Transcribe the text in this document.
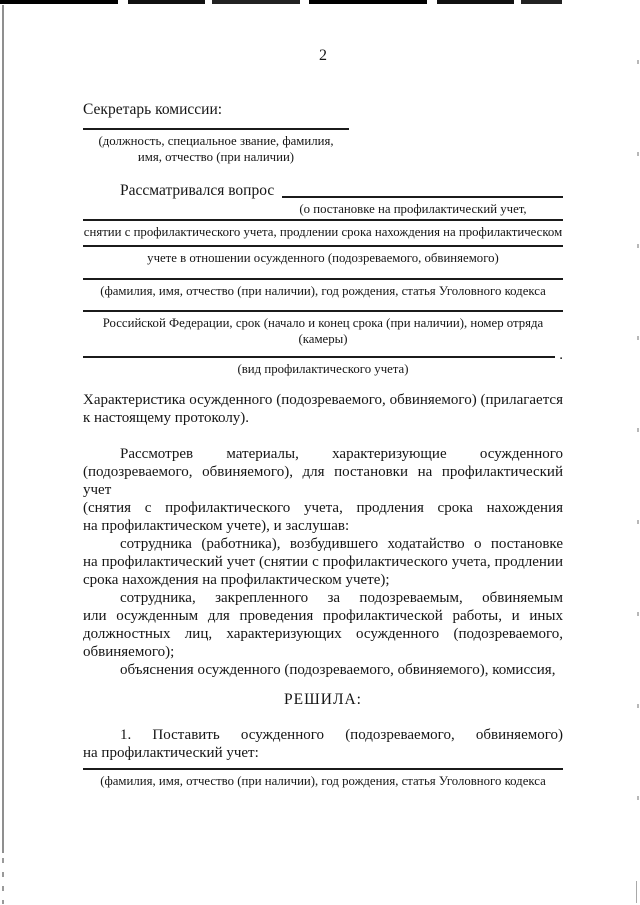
2
Секретарь комиссии:
(должность, специальное звание, фамилия,
имя, отчество (при наличии)
Рассматривался вопрос
(о постановке на профилактический учет,
снятии с профилактического учета, продлении срока нахождения на профилактическом
учете в отношении осужденного (подозреваемого, обвиняемого)
(фамилия, имя, отчество (при наличии), год рождения, статья Уголовного кодекса
Российской Федерации, срок (начало и конец срока (при наличии), номер отряда
(камеры)
.
(вид профилактического учета)
Характеристика осужденного (подозреваемого, обвиняемого) (прилагается
к настоящему протоколу).
Рассмотрев материалы, характеризующие осужденного
(подозреваемого, обвиняемого), для постановки на профилактический учет
(снятия с профилактического учета, продления срока нахождения
на профилактическом учете), и заслушав:
сотрудника (работника), возбудившего ходатайство о постановке
на профилактический учет (снятии с профилактического учета, продлении
срока нахождения на профилактическом учете);
сотрудника, закрепленного за подозреваемым, обвиняемым
или осужденным для проведения профилактической работы, и иных
должностных лиц, характеризующих осужденного (подозреваемого,
обвиняемого);
объяснения осужденного (подозреваемого, обвиняемого), комиссия,
РЕШИЛА:
1. Поставить осужденного (подозреваемого, обвиняемого)
на профилактический учет:
(фамилия, имя, отчество (при наличии), год рождения, статья Уголовного кодекса
